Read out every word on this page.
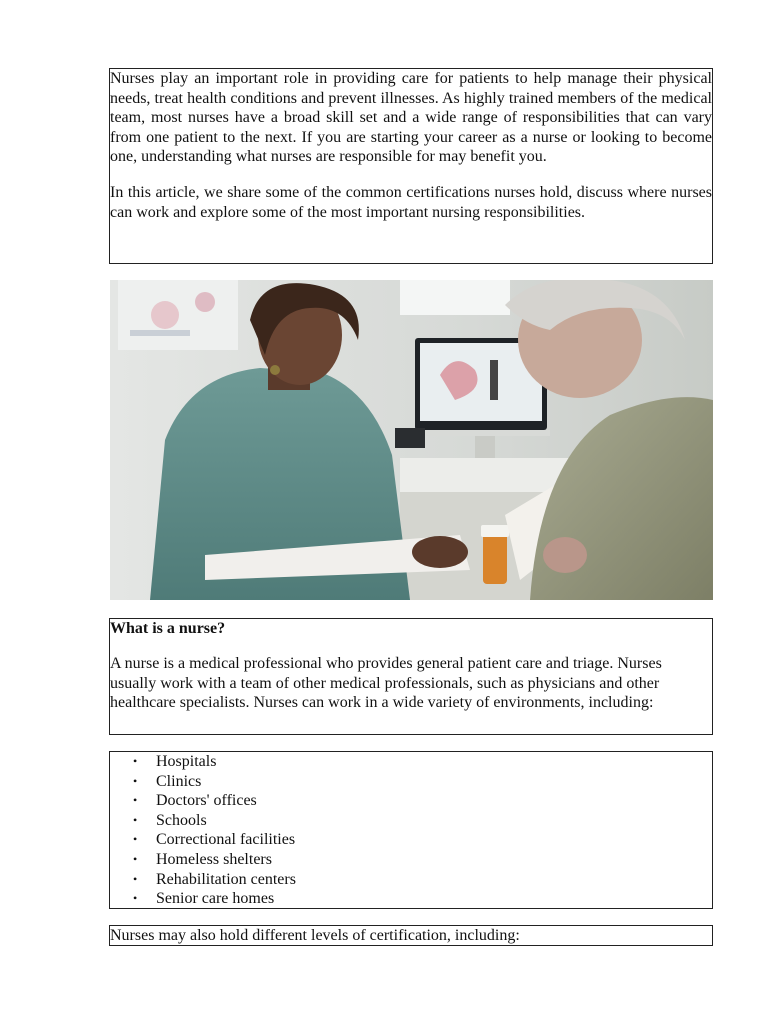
Nurses play an important role in providing care for patients to help manage their physical needs, treat health conditions and prevent illnesses. As highly trained members of the medical team, most nurses have a broad skill set and a wide range of responsibilities that can vary from one patient to the next. If you are starting your career as a nurse or looking to become one, understanding what nurses are responsible for may benefit you.

In this article, we share some of the common certifications nurses hold, discuss where nurses can work and explore some of the most important nursing responsibilities.

What is a nurse?

A nurse is a medical professional who provides general patient care and triage. Nurses usually work with a team of other medical professionals, such as physicians and other healthcare specialists. Nurses can work in a wide variety of environments, including:

• Hospitals
• Clinics
• Doctors' offices
• Schools
• Correctional facilities
• Homeless shelters
• Rehabilitation centers
• Senior care homes

Nurses may also hold different levels of certification, including:
